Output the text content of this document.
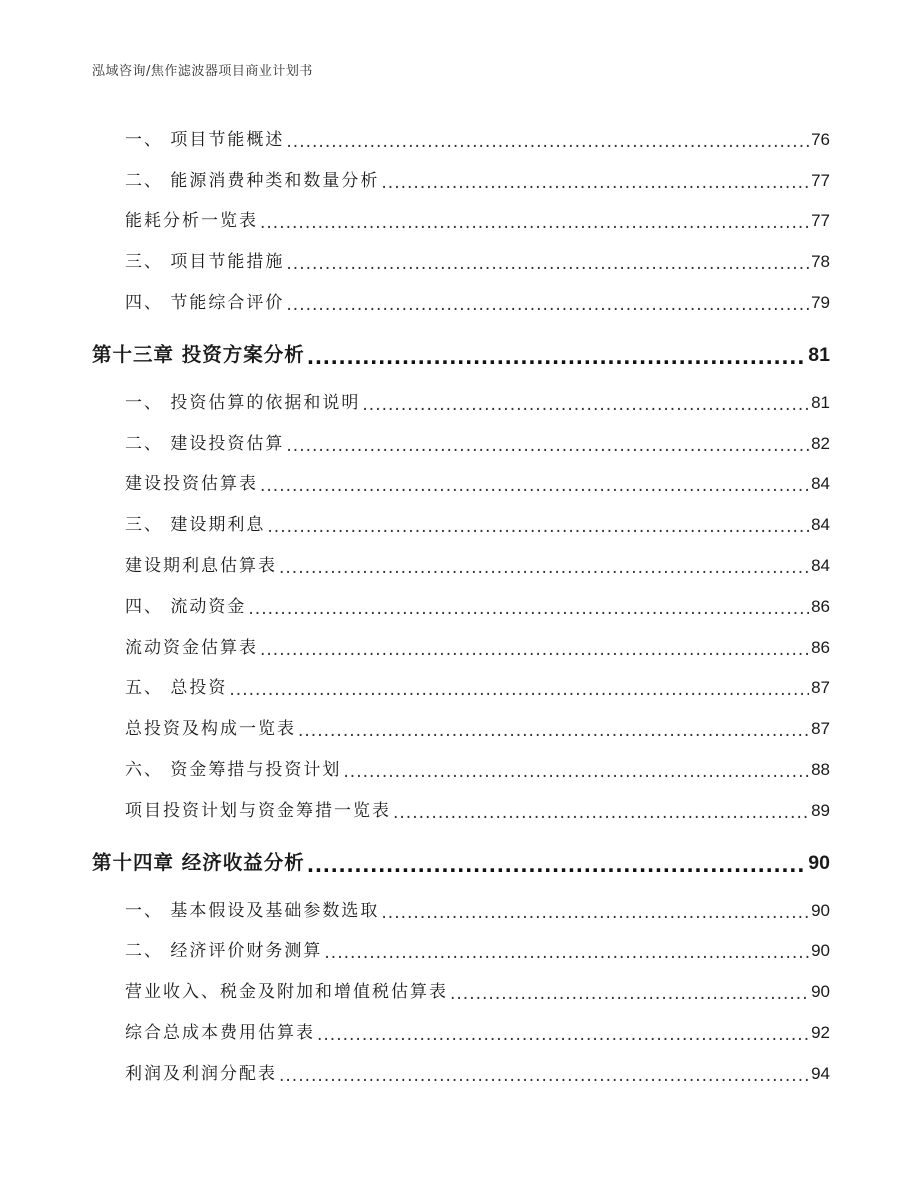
泓域咨询/焦作滤波器项目商业计划书
一、 项目节能概述 .....	76
二、 能源消费种类和数量分析 .....	77
能耗分析一览表 .....	77
三、 项目节能措施 .....	78
四、 节能综合评价 .....	79
第十三章 投资方案分析 .....	81
一、 投资估算的依据和说明 .....	81
二、 建设投资估算 .....	82
建设投资估算表 .....	84
三、 建设期利息 .....	84
建设期利息估算表 .....	84
四、 流动资金 .....	86
流动资金估算表 .....	86
五、 总投资 .....	87
总投资及构成一览表 .....	87
六、 资金筹措与投资计划 .....	88
项目投资计划与资金筹措一览表 .....	89
第十四章 经济收益分析 .....	90
一、 基本假设及基础参数选取 .....	90
二、 经济评价财务测算 .....	90
营业收入、税金及附加和增值税估算表 .....	90
综合总成本费用估算表 .....	92
利润及利润分配表 .....	94
